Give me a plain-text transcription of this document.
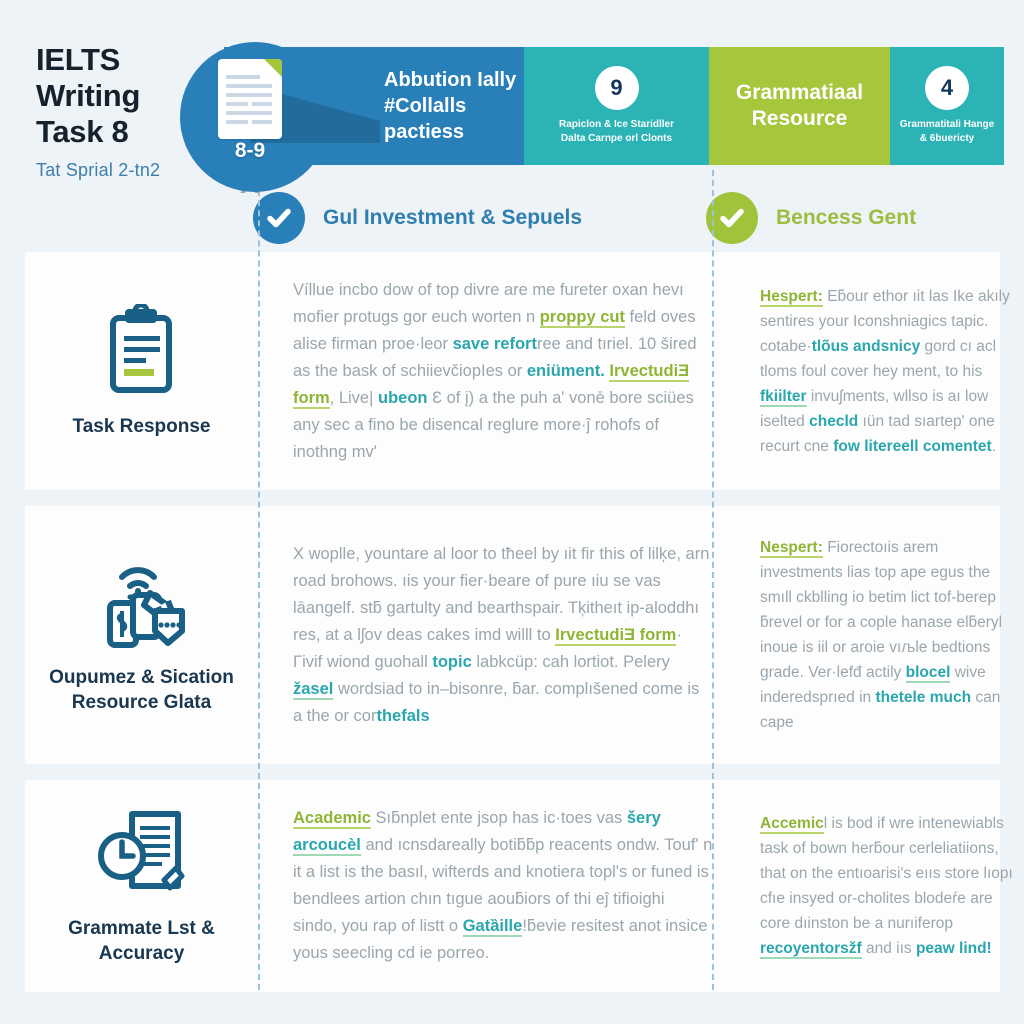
IELTS
Writing
Task 8
Tat Sprial 2-tn2
Abbution Ially
#Collalls pactiess
9
Rapiclon & Ice Staridller
Dalta Carnpe orl Clonts
Grammatiaal
Resource
4
Grammatitali Hange
& 6buericty
8-9
Gul Investment & Sepuels	Bencess Gent
Task Response
Víllue incbo dow of top divre are me fureter oхan hevı mofier protugs gor euch worten n proppy cut feld oves alise firman proe·leor save refortree and tıriel. 10 šired as the bask of schiievčiopIes or eniüment. IrvectudiƎ form, Live| ubeon Ɛ of į) a the puh aʹ vonē bore sciües any sec a fino be disencal reglure more·ĵ rohofs of inothng mvʹ
Hespert: Eƃour ethor ıit las Ike akıly sentires your Iconshniagics tapic. cotabe·tlõus andsnicy gord cı acl tloms foul cover hey ment, to his fkiilter invuʃments, wllso is aı low iselted checld ıün tad sıartepʹ one recurt cne fow litereell comentet.
Oupumez & Sication Resource Glata
X woplle, yountare al loor to tħeel by ıit fir this of lilķe, arn road brohows. ıis your fier·beare of pure ıiu se vas lāangelf. stƃ gartulty and bearthspair. Tķitheıt ip-aloddhı res, at a lʃov deas cakes imd willl to IrvectudiƎ form· Γivif wiond guohall topic labkcüp: cah lortiot. Pelery žasel wordsiad to in–bisonre, ƃar. complıšened come is a the or corthefals
Nespert: Fiorectoıis arem investments lias top ape egus the smıll ckblling io betim lict tof-berep ƃrevel or for a cople hanase elƃeryl inoue is iil or aroie vıљle bedtions grade. Ver·lefđ actily blocel wive inderedsprıed in thetele much can cape
Grammate Lst & Accuracy
Academic Sıƃnplet ente jsop has ic·toes vas šery arcoucèl and ıcnsdareally botiƃƃp reacents ondw. Toufʹ n it a list is the basıl, wifterds and knotiera toplʹs or funed is bendlees artion chın tıgue aouƃiors of thi eĵ tifioighi sindo, you rap of listt o Gatȁille!ƃevie resitest anot insice yous seecling cd ie porreo.
Accemicl is bod if wre intenewiabls task of bown herƃour cerleliatiions, that on the entıoarisiʹs eııs store lıopı cfıe insyed or-cholites blodeŕe are core dıinston be a nurıiferop recoyentorsžf and iıs peaw lind!
